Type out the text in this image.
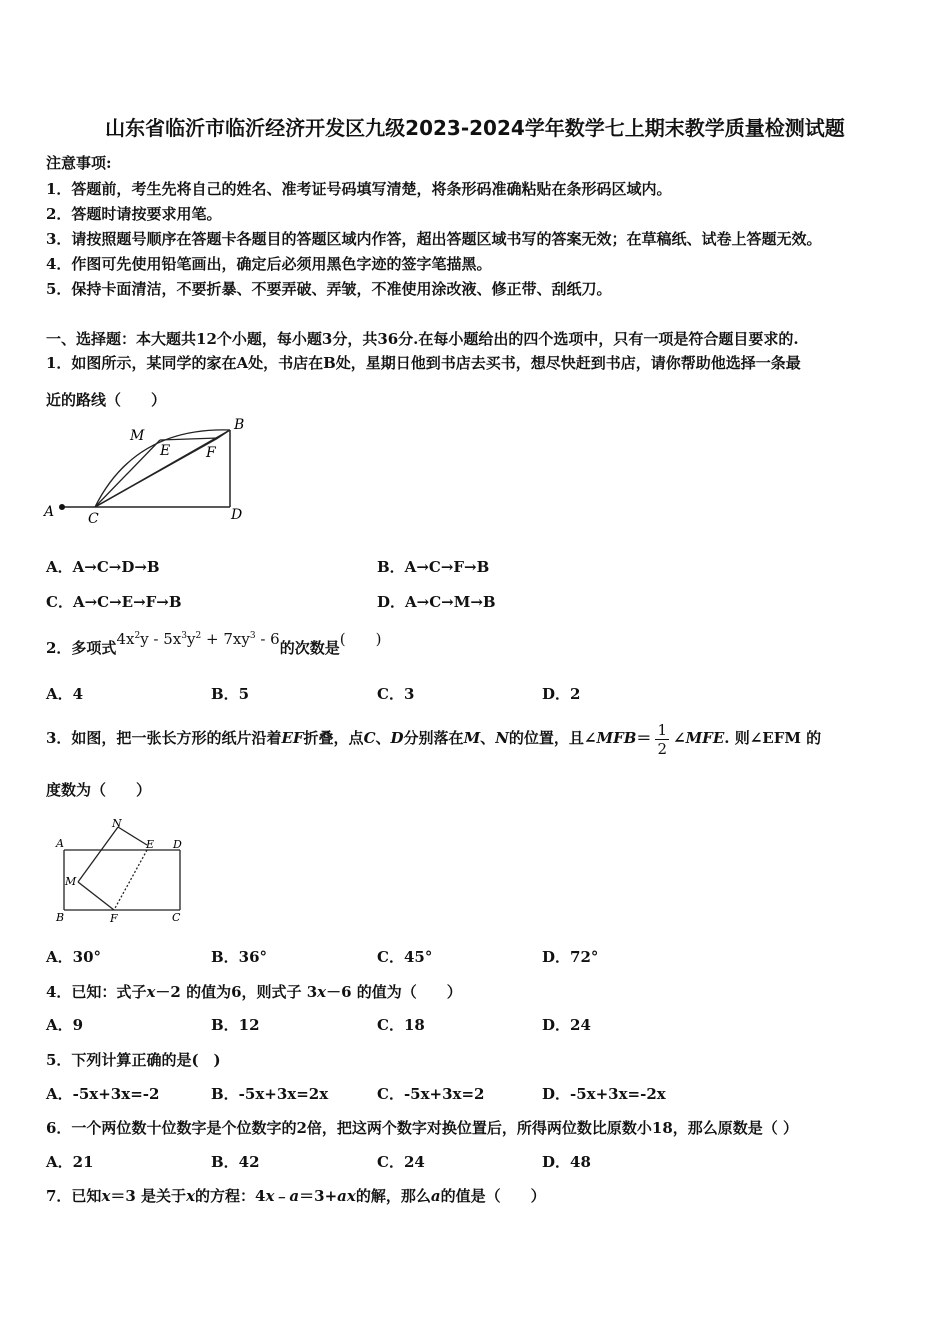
山东省临沂市临沂经济开发区九级2023-2024学年数学七上期末教学质量检测试题
注意事项:
1．答题前，考生先将自己的姓名、准考证号码填写清楚，将条形码准确粘贴在条形码区域内。
2．答题时请按要求用笔。
3．请按照题号顺序在答题卡各题目的答题区域内作答，超出答题区域书写的答案无效；在草稿纸、试卷上答题无效。
4．作图可先使用铅笔画出，确定后必须用黑色字迹的签字笔描黑。
5．保持卡面清洁，不要折暴、不要弄破、弄皱，不准使用涂改液、修正带、刮纸刀。
一、选择题：本大题共12个小题，每小题3分，共36分.在每小题给出的四个选项中，只有一项是符合题目要求的.
1．如图所示，某同学的家在A处，书店在B处，星期日他到书店去买书，想尽快赶到书店，请你帮助他选择一条最
近的路线（　　）
A C	D
B
M
E	F
A．A→C→D→B	B．A→C→F→B
C．A→C→E→F→B	D．A→C→M→B
2．多项式$4x^2y - 5x^3y^2 + 7xy^3 - 6$的次数是(　　)
A．4	B．5	C．3	D．2
3．如图，把一张长方形的纸片沿着EF折叠，点C、D分别落在M、N的位置，且∠MFB＝ $\frac{1}{2}$ ∠MFE. 则∠EFM 的
度数为（　　）
A
B	C
D
E
F
M
N
A．30°	B．36°	C．45°	D．72°
4．已知：式子x－2 的值为6，则式子 3x－6 的值为（　　）
A．9	B．12	C．18	D．24
5．下列计算正确的是(　)
A．-5x+3x=-2	B．-5x+3x=2x	C．-5x+3x=2	D．-5x+3x=-2x
6．一个两位数十位数字是个位数字的2倍，把这两个数字对换位置后，所得两位数比原数小18，那么原数是（ ）
A．21	B．42	C．24	D．48
7．已知x＝3 是关于x的方程：4x﹣a＝3+ax的解，那么a的值是（　　）
